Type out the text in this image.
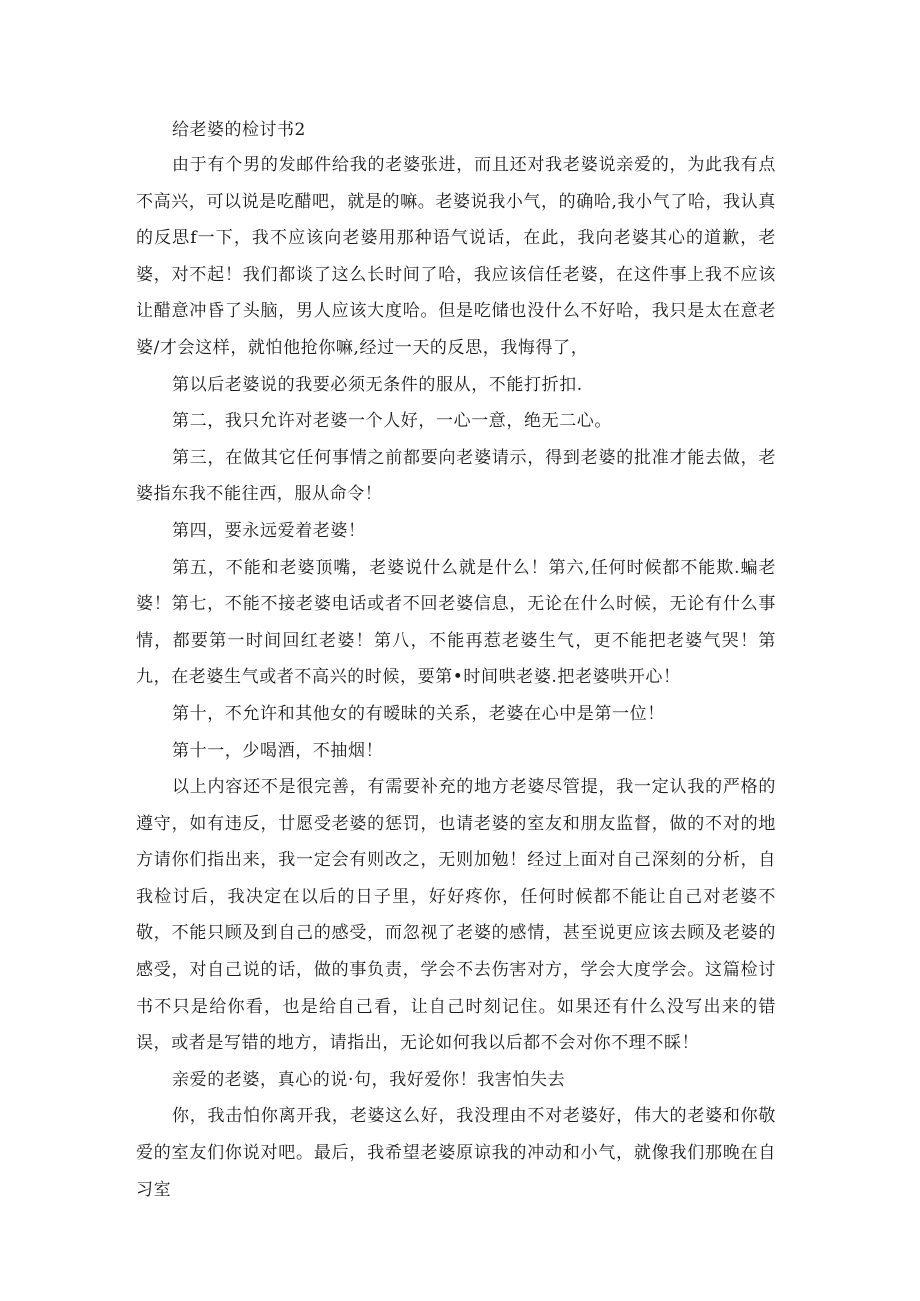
给老婆的检讨书2

由于有个男的发邮件给我的老婆张进，而且还对我老婆说亲爱的，为此我有点不高兴，可以说是吃醋吧，就是的嘛。老婆说我小气，的确哈,我小气了哈，我认真的反思f一下，我不应该向老婆用那种语气说话，在此，我向老婆其心的道歉，老婆，对不起！我们都谈了这么长时间了哈，我应该信任老婆，在这件事上我不应该让醋意冲昏了头脑，男人应该大度哈。但是吃储也没什么不好哈，我只是太在意老婆/才会这样，就怕他抢你嘛,经过一天的反思，我悔得了，

第以后老婆说的我要必须无条件的服从，不能打折扣.

第二，我只允许对老婆一个人好，一心一意，绝无二心。

第三，在做其它任何事情之前都要向老婆请示，得到老婆的批准才能去做，老婆指东我不能往西，服从命令！

第四，要永远爱着老婆！

第五，不能和老婆顶嘴，老婆说什么就是什么！第六,任何时候都不能欺.蝙老婆！第七，不能不接老婆电话或者不回老婆信息，无论在什么时候，无论有什么事情，都要第一时间回红老婆！第八，不能再惹老婆生气，更不能把老婆气哭！第九，在老婆生气或者不高兴的时候，要第•时间哄老婆.把老婆哄开心！

第十，不允许和其他女的有暧昧的关系，老婆在心中是第一位！

第十一，少喝酒，不抽烟！

以上内容还不是很完善，有需要补充的地方老婆尽管提，我一定认我的严格的遵守，如有违反，廿愿受老婆的惩罚，也请老婆的室友和朋友监督，做的不对的地方请你们指出来，我一定会有则改之，无则加勉！经过上面对自己深刻的分析，自我检讨后，我决定在以后的日子里，好好疼你，任何时候都不能让自己对老婆不敬，不能只顾及到自己的感受，而忽视了老婆的感情，甚至说更应该去顾及老婆的感受，对自己说的话，做的事负责，学会不去伤害对方，学会大度学会。这篇检讨书不只是给你看，也是给自己看，让自己时刻记住。如果还有什么没写出来的错误，或者是写错的地方，请指出，无论如何我以后都不会对你不理不睬！

亲爱的老婆，真心的说·句，我好爱你！我害怕失去

你，我击怕你离开我，老婆这么好，我没理由不对老婆好，伟大的老婆和你敬爱的室友们你说对吧。最后，我希望老婆原谅我的冲动和小气，就像我们那晚在自习室
